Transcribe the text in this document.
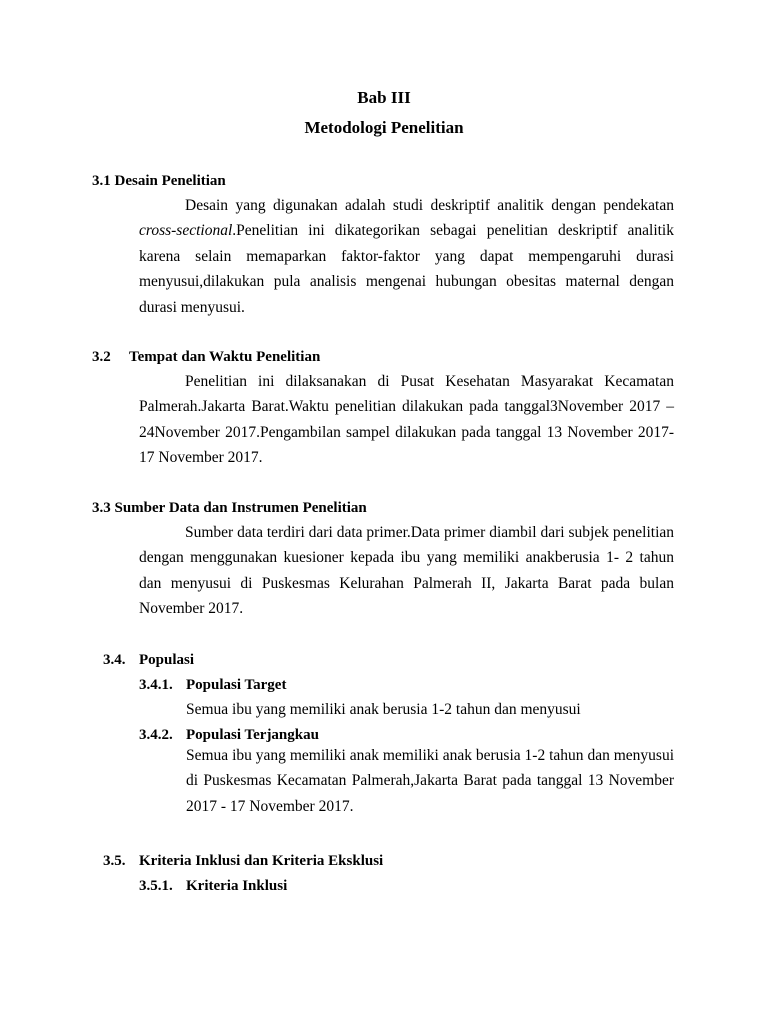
Bab III
Metodologi Penelitian
3.1 Desain Penelitian

Desain yang digunakan adalah studi deskriptif analitik dengan pendekatan cross-sectional.Penelitian ini dikategorikan sebagai penelitian deskriptif analitik karena selain memaparkan faktor-faktor yang dapat mempengaruhi durasi menyusui,dilakukan pula analisis mengenai hubungan obesitas maternal dengan durasi menyusui.

3.2 Tempat dan Waktu Penelitian

Penelitian ini dilaksanakan di Pusat Kesehatan Masyarakat Kecamatan Palmerah.Jakarta Barat.Waktu penelitian dilakukan pada tanggal3November 2017 – 24November 2017.Pengambilan sampel dilakukan pada tanggal 13 November 2017-17 November 2017.

3.3 Sumber Data dan Instrumen Penelitian

Sumber data terdiri dari data primer.Data primer diambil dari subjek penelitian dengan menggunakan kuesioner kepada ibu yang memiliki anakberusia 1- 2 tahun dan menyusui di Puskesmas Kelurahan Palmerah II, Jakarta Barat pada bulan November 2017.

3.4. Populasi
3.4.1. Populasi Target
Semua ibu yang memiliki anak berusia 1-2 tahun dan menyusui
3.4.2. Populasi Terjangkau

Semua ibu yang memiliki anak memiliki anak berusia 1-2 tahun dan menyusui di Puskesmas Kecamatan Palmerah,Jakarta Barat pada tanggal 13 November 2017 - 17 November 2017.

3.5. Kriteria Inklusi dan Kriteria Eksklusi
3.5.1. Kriteria Inklusi
